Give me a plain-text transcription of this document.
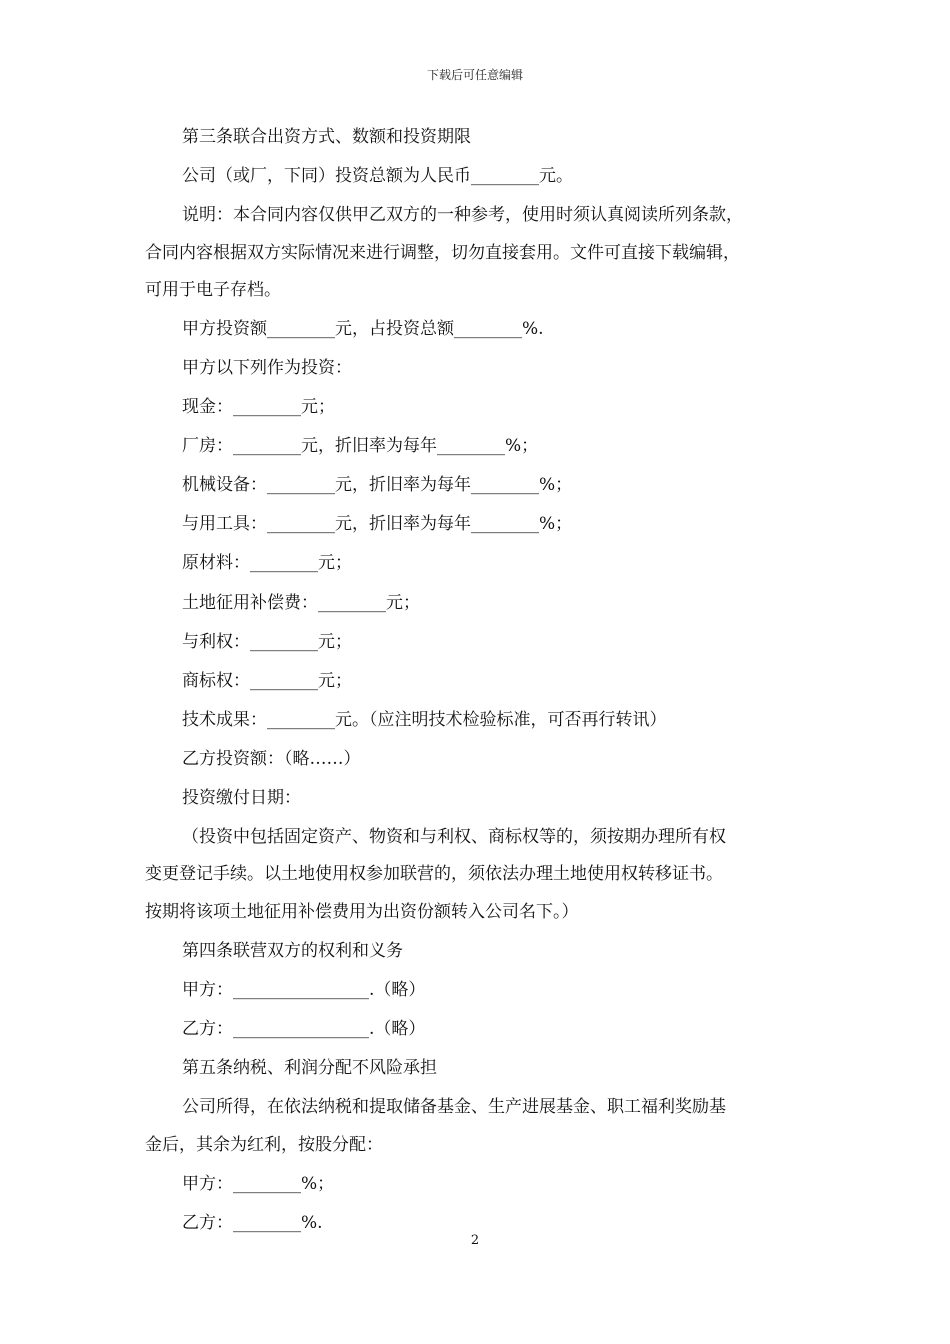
下载后可任意编辑
第三条联合出资方式、数额和投资期限
公司（或厂，下同）投资总额为人民币________元。
说明：本合同内容仅供甲乙双方的一种参考，使用时须认真阅读所列条款，
合同内容根据双方实际情况来进行调整，切勿直接套用。文件可直接下载编辑，
可用于电子存档。
甲方投资额________元，占投资总额________%.
甲方以下列作为投资：
现金：________元；
厂房：________元，折旧率为每年________%；
机械设备：________元，折旧率为每年________%；
与用工具：________元，折旧率为每年________%；
原材料：________元；
土地征用补偿费：________元；
与利权：________元；
商标权：________元；
技术成果：________元。（应注明技术检验标准，可否再行转讯）
乙方投资额：（略……）
投资缴付日期：
（投资中包括固定资产、物资和与利权、商标权等的，须按期办理所有权
变更登记手续。以土地使用权参加联营的，须依法办理土地使用权转移证书。
按期将该项土地征用补偿费用为出资份额转入公司名下。）
第四条联营双方的权利和义务
甲方：________________.（略）
乙方：________________.（略）
第五条纳税、利润分配不风险承担
公司所得，在依法纳税和提取储备基金、生产进展基金、职工福利奖励基
金后，其余为红利，按股分配：
甲方：________%；
乙方：________%.
2
